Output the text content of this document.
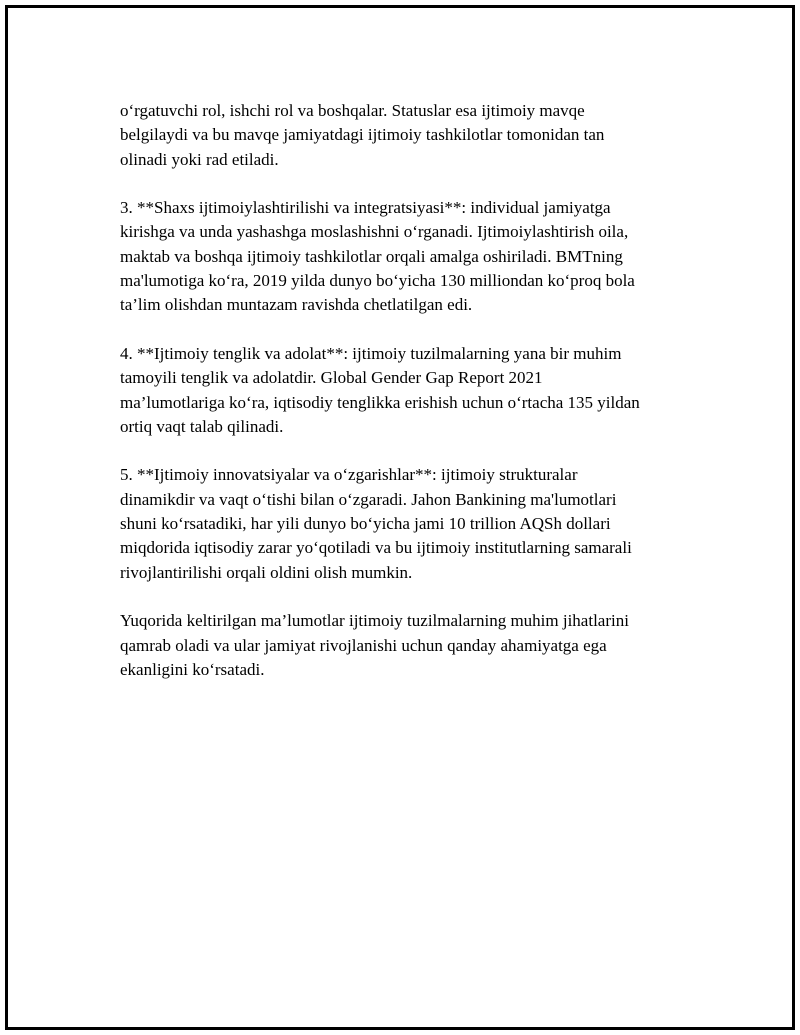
o‘rgatuvchi rol, ishchi rol va boshqalar. Statuslar esa ijtimoiy mavqe
belgilaydi va bu mavqe jamiyatdagi ijtimoiy tashkilotlar tomonidan tan
olinadi yoki rad etiladi.

3. **Shaxs ijtimoiylashtirilishi va integratsiyasi**: individual jamiyatga
kirishga va unda yashashga moslashishni o‘rganadi. Ijtimoiylashtirish oila,
maktab va boshqa ijtimoiy tashkilotlar orqali amalga oshiriladi. BMTning
ma'lumotiga ko‘ra, 2019 yilda dunyo bo‘yicha 130 milliondan ko‘proq bola
ta’lim olishdan muntazam ravishda chetlatilgan edi.

4. **Ijtimoiy tenglik va adolat**: ijtimoiy tuzilmalarning yana bir muhim
tamoyili tenglik va adolatdir. Global Gender Gap Report 2021
ma’lumotlariga ko‘ra, iqtisodiy tenglikka erishish uchun o‘rtacha 135 yildan
ortiq vaqt talab qilinadi.

5. **Ijtimoiy innovatsiyalar va o‘zgarishlar**: ijtimoiy strukturalar
dinamikdir va vaqt o‘tishi bilan o‘zgaradi. Jahon Bankining ma'lumotlari
shuni ko‘rsatadiki, har yili dunyo bo‘yicha jami 10 trillion AQSh dollari
miqdorida iqtisodiy zarar yo‘qotiladi va bu ijtimoiy institutlarning samarali
rivojlantirilishi orqali oldini olish mumkin.

Yuqorida keltirilgan ma’lumotlar ijtimoiy tuzilmalarning muhim jihatlarini
qamrab oladi va ular jamiyat rivojlanishi uchun qanday ahamiyatga ega
ekanligini ko‘rsatadi.
